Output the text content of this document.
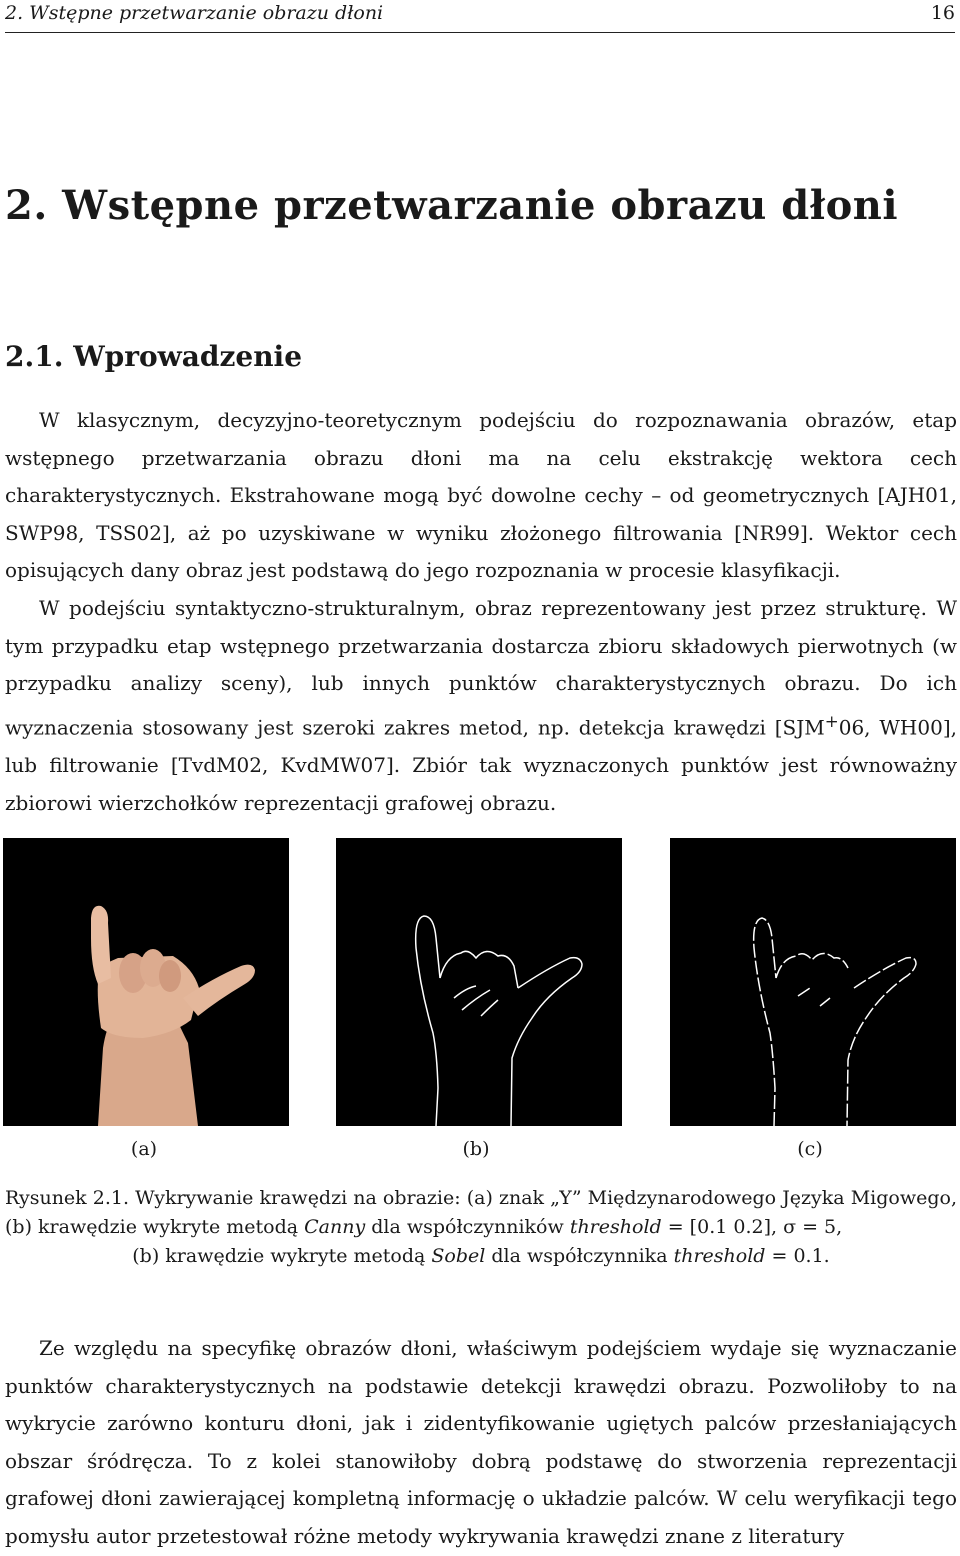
2. Wstępne przetwarzanie obrazu dłoni	16
2. Wstępne przetwarzanie obrazu dłoni
2.1. Wprowadzenie

W klasycznym, decyzyjno-teoretycznym podejściu do rozpoznawania obrazów, etap wstępnego przetwarzania obrazu dłoni ma na celu ekstrakcję wektora cech charakterystycznych. Ekstrahowane mogą być dowolne cechy – od geometrycznych [AJH01, SWP98, TSS02], aż po uzyskiwane w wyniku złożonego filtrowania [NR99]. Wektor cech opisujących dany obraz jest podstawą do jego rozpoznania w procesie klasyfikacji.

W podejściu syntaktyczno-strukturalnym, obraz reprezentowany jest przez strukturę. W tym przypadku etap wstępnego przetwarzania dostarcza zbioru składowych pierwotnych (w przypadku analizy sceny), lub innych punktów charakterystycznych obrazu. Do ich wyznaczenia stosowany jest szeroki zakres metod, np. detekcja krawędzi [SJM+06, WH00], lub filtrowanie [TvdM02, KvdMW07]. Zbiór tak wyznaczonych punktów jest równoważny zbiorowi wierzchołków reprezentacji grafowej obrazu.

(a)	(b)	(c)

Rysunek 2.1. Wykrywanie krawędzi na obrazie: (a) znak „Y” Międzynarodowego Języka Migowego, (b) krawędzie wykryte metodą Canny dla współczynników threshold = [0.1 0.2], σ = 5,
(b) krawędzie wykryte metodą Sobel dla współczynnika threshold = 0.1.

Ze względu na specyfikę obrazów dłoni, właściwym podejściem wydaje się wyznaczanie punktów charakterystycznych na podstawie detekcji krawędzi obrazu. Pozwoliłoby to na wykrycie zarówno konturu dłoni, jak i zidentyfikowanie ugiętych palców przesłaniających obszar śródręcza. To z kolei stanowiłoby dobrą podstawę do stworzenia reprezentacji grafowej dłoni zawierającej kompletną informację o układzie palców. W celu weryfikacji tego pomysłu autor przetestował różne metody wykrywania krawędzi znane z literatury
